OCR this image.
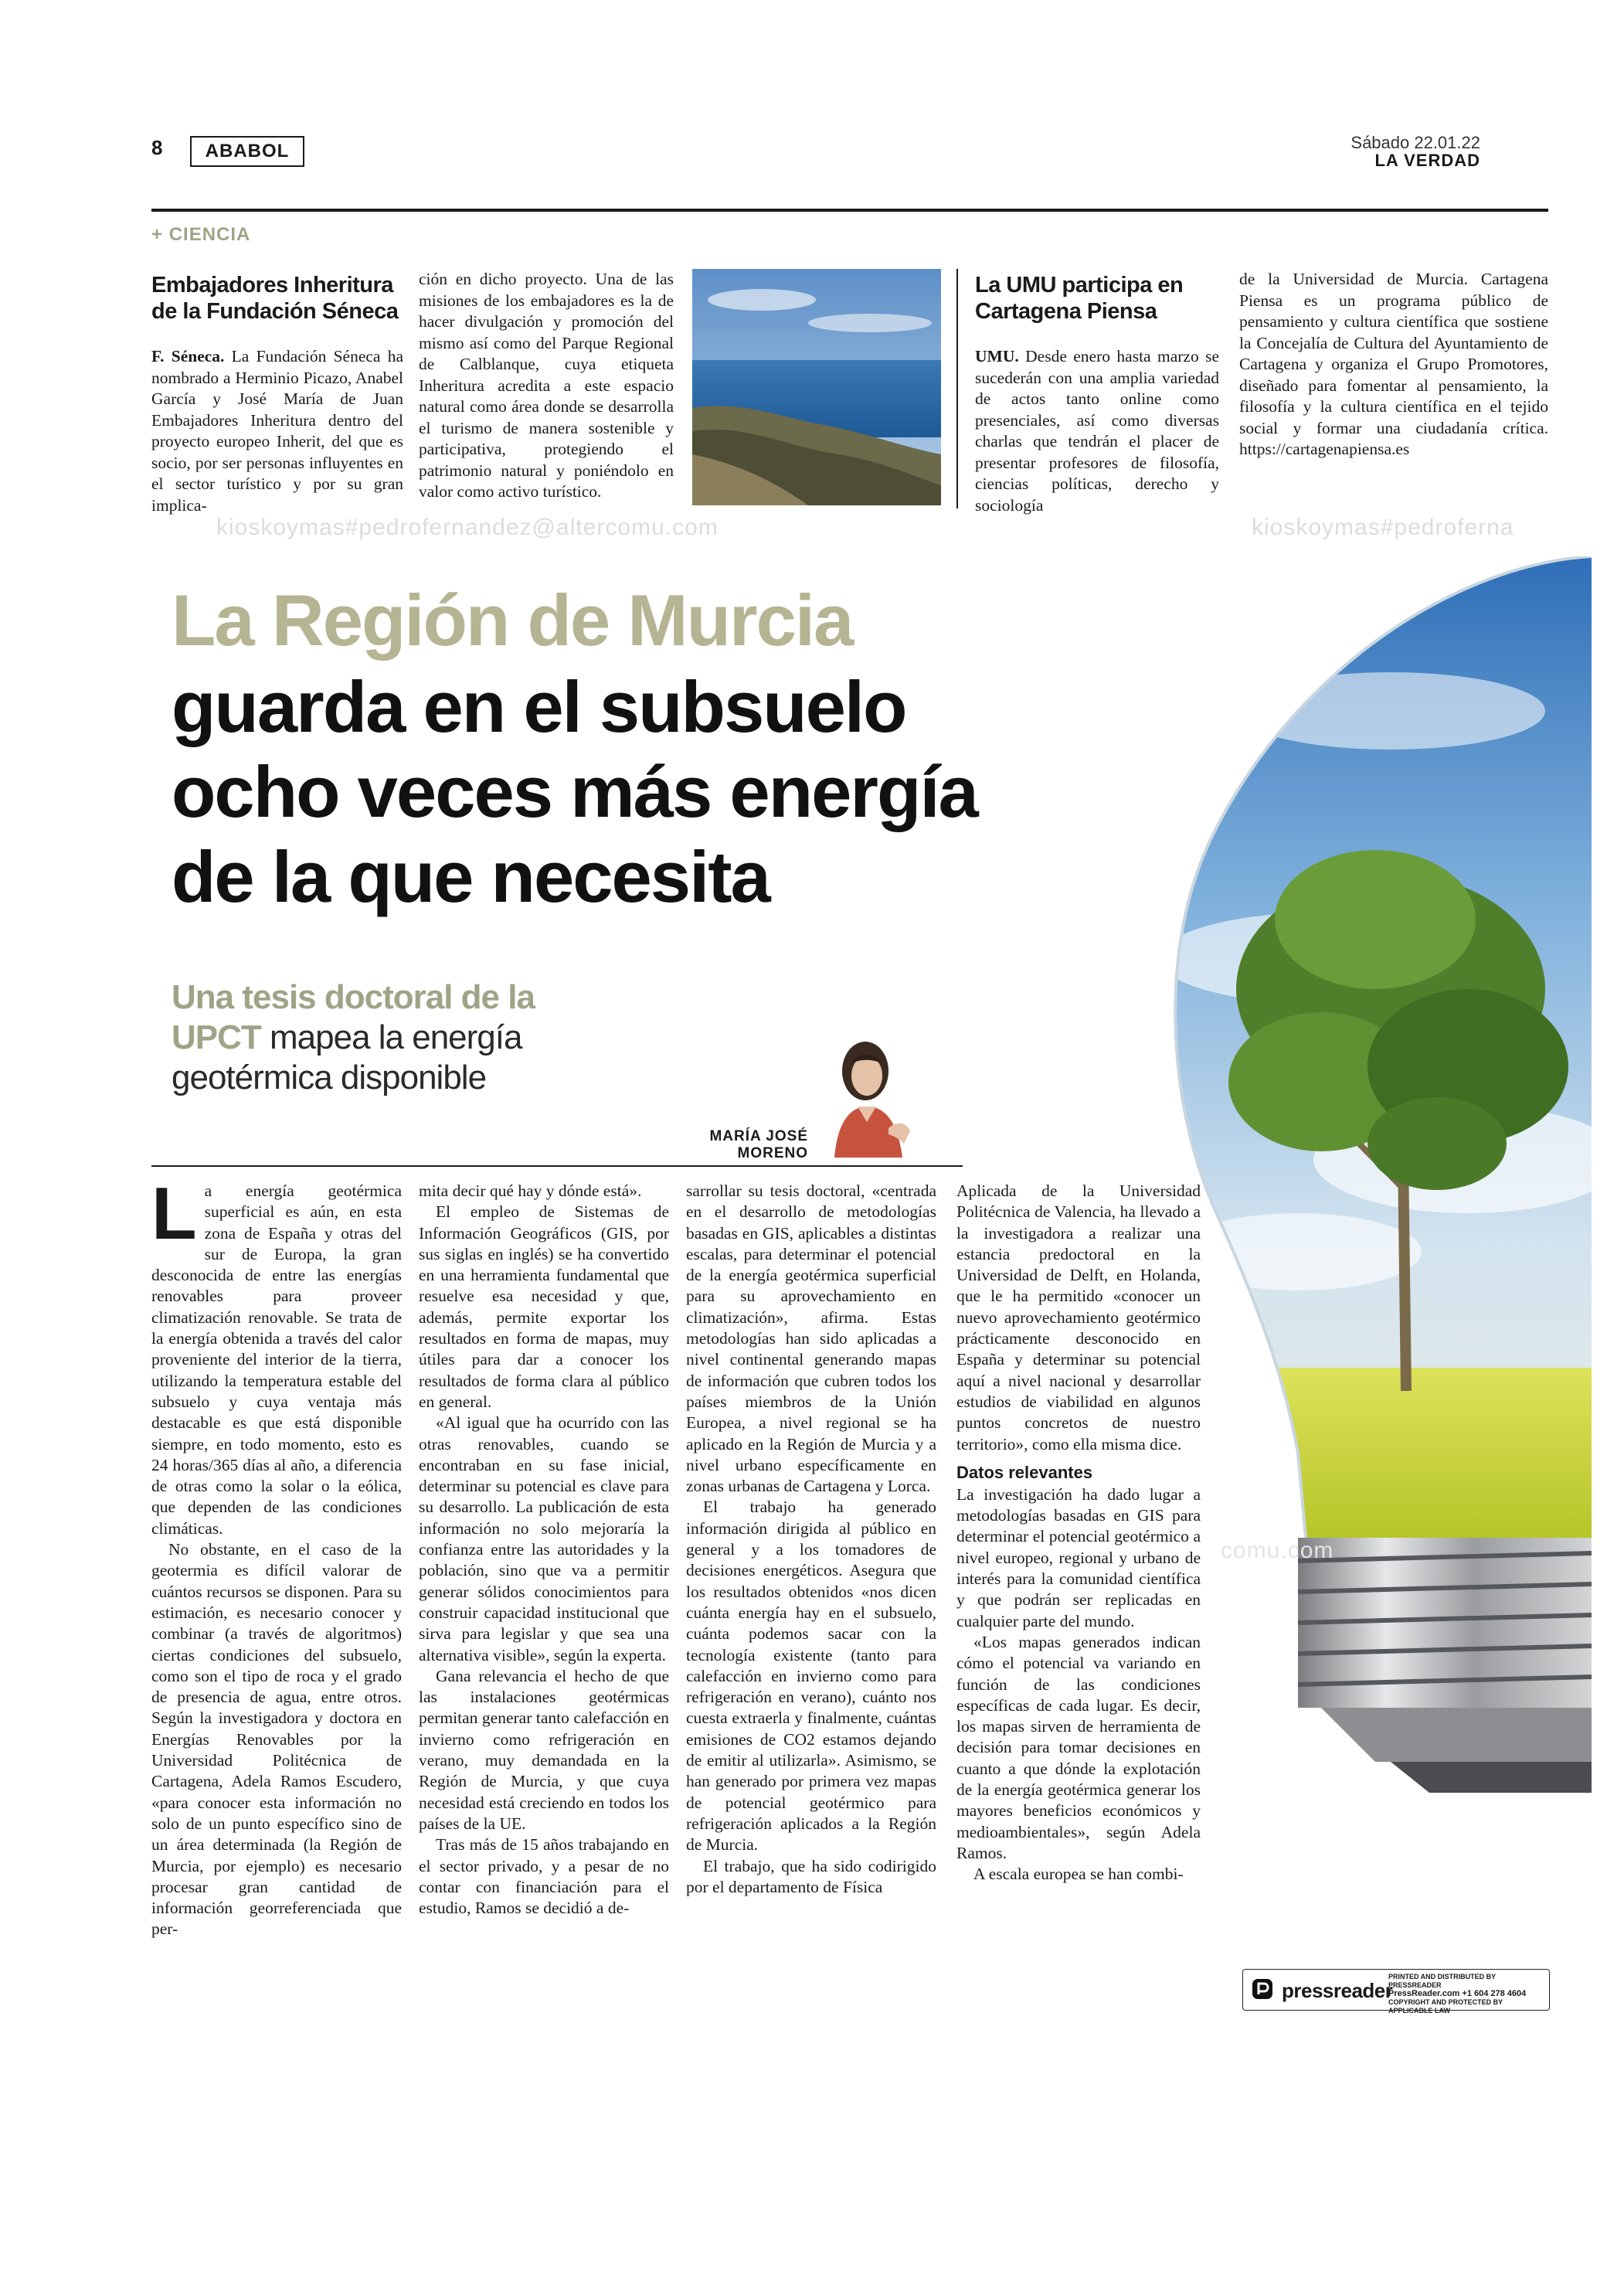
8	ABABOL	Sábado 22.01.22
LA VERDAD
+ CIENCIA
Embajadores Inheritura de la Fundación Séneca
F. Séneca. La Fundación Séneca ha nombrado a Herminio Picazo, Anabel García y José María de Juan Embajadores Inheritura dentro del proyecto europeo Inherit, del que es socio, por ser personas influyentes en el sector turístico y por su gran implica-
ción en dicho proyecto. Una de las misiones de los embajadores es la de hacer divulgación y promoción del mismo así como del Parque Regional de Calblanque, cuya etiqueta Inheritura acredita a este espacio natural como área donde se desarrolla el turismo de manera sostenible y participativa, protegiendo el patrimonio natural y poniéndolo en valor como activo turístico.
La UMU participa en Cartagena Piensa
UMU. Desde enero hasta marzo se sucederán con una amplia variedad de actos tanto online como presenciales, así como diversas charlas que tendrán el placer de presentar profesores de filosofía, ciencias políticas, derecho y sociología
de la Universidad de Murcia. Cartagena Piensa es un programa público de pensamiento y cultura científica que sostiene la Concejalía de Cultura del Ayuntamiento de Cartagena y organiza el Grupo Promotores, diseñado para fomentar al pensamiento, la filosofía y la cultura científica en el tejido social y formar una ciudadanía crítica. https://cartagenapiensa.es
kioskoymas#pedrofernandez@altercomu.com	kioskoymas#pedroferna
comu.com
La Región de Murcia
guarda en el subsuelo
ocho veces más energía
de la que necesita
Una tesis doctoral de la
UPCT mapea la energía
geotérmica disponible
MARÍA JOSÉ
MORENO

La energía geotérmica superficial es aún, en esta zona de España y otras del sur de Europa, la gran desconocida de entre las energías renovables para proveer climatización renovable. Se trata de la energía obtenida a través del calor proveniente del interior de la tierra, utilizando la temperatura estable del subsuelo y cuya ventaja más destacable es que está disponible siempre, en todo momento, esto es 24 horas/365 días al año, a diferencia de otras como la solar o la eólica, que dependen de las condiciones climáticas.

No obstante, en el caso de la geotermia es difícil valorar de cuántos recursos se disponen. Para su estimación, es necesario conocer y combinar (a través de algoritmos) ciertas condiciones del subsuelo, como son el tipo de roca y el grado de presencia de agua, entre otros. Según la investigadora y doctora en Energías Renovables por la Universidad Politécnica de Cartagena, Adela Ramos Escudero, «para conocer esta información no solo de un punto específico sino de un área determinada (la Región de Murcia, por ejemplo) es necesario procesar gran cantidad de información georreferenciada que per-

mita decir qué hay y dónde está».

El empleo de Sistemas de Información Geográficos (GIS, por sus siglas en inglés) se ha convertido en una herramienta fundamental que resuelve esa necesidad y que, además, permite exportar los resultados en forma de mapas, muy útiles para dar a conocer los resultados de forma clara al público en general.

«Al igual que ha ocurrido con las otras renovables, cuando se encontraban en su fase inicial, determinar su potencial es clave para su desarrollo. La publicación de esta información no solo mejoraría la confianza entre las autoridades y la población, sino que va a permitir generar sólidos conocimientos para construir capacidad institucional que sirva para legislar y que sea una alternativa visible», según la experta.

Gana relevancia el hecho de que las instalaciones geotérmicas permitan generar tanto calefacción en invierno como refrigeración en verano, muy demandada en la Región de Murcia, y que cuya necesidad está creciendo en todos los países de la UE.

Tras más de 15 años trabajando en el sector privado, y a pesar de no contar con financiación para el estudio, Ramos se decidió a de-

sarrollar su tesis doctoral, «centrada en el desarrollo de metodologías basadas en GIS, aplicables a distintas escalas, para determinar el potencial de la energía geotérmica superficial para su aprovechamiento en climatización», afirma. Estas metodologías han sido aplicadas a nivel continental generando mapas de información que cubren todos los países miembros de la Unión Europea, a nivel regional se ha aplicado en la Región de Murcia y a nivel urbano específicamente en zonas urbanas de Cartagena y Lorca.

El trabajo ha generado información dirigida al público en general y a los tomadores de decisiones energéticos. Asegura que los resultados obtenidos «nos dicen cuánta energía hay en el subsuelo, cuánta podemos sacar con la tecnología existente (tanto para calefacción en invierno como para refrigeración en verano), cuánto nos cuesta extraerla y finalmente, cuántas emisiones de CO2 estamos dejando de emitir al utilizarla». Asimismo, se han generado por primera vez mapas de potencial geotérmico para refrigeración aplicados a la Región de Murcia.

El trabajo, que ha sido codirigido por el departamento de Física

Aplicada de la Universidad Politécnica de Valencia, ha llevado a la investigadora a realizar una estancia predoctoral en la Universidad de Delft, en Holanda, que le ha permitido «conocer un nuevo aprovechamiento geotérmico prácticamente desconocido en España y determinar su potencial aquí a nivel nacional y desarrollar estudios de viabilidad en algunos puntos concretos de nuestro territorio», como ella misma dice.

Datos relevantes

La investigación ha dado lugar a metodologías basadas en GIS para determinar el potencial geotérmico a nivel europeo, regional y urbano de interés para la comunidad científica y que podrán ser replicadas en cualquier parte del mundo.

«Los mapas generados indican cómo el potencial va variando en función de las condiciones específicas de cada lugar. Es decir, los mapas sirven de herramienta de decisión para tomar decisiones en cuanto a que dónde la explotación de la energía geotérmica generar los mayores beneficios económicos y medioambientales», según Adela Ramos.

A escala europea se han combi-

pressreader
PRINTED AND DISTRIBUTED BY PRESSREADER
PressReader.com +1 604 278 4604
COPYRIGHT AND PROTECTED BY APPLICABLE LAW
